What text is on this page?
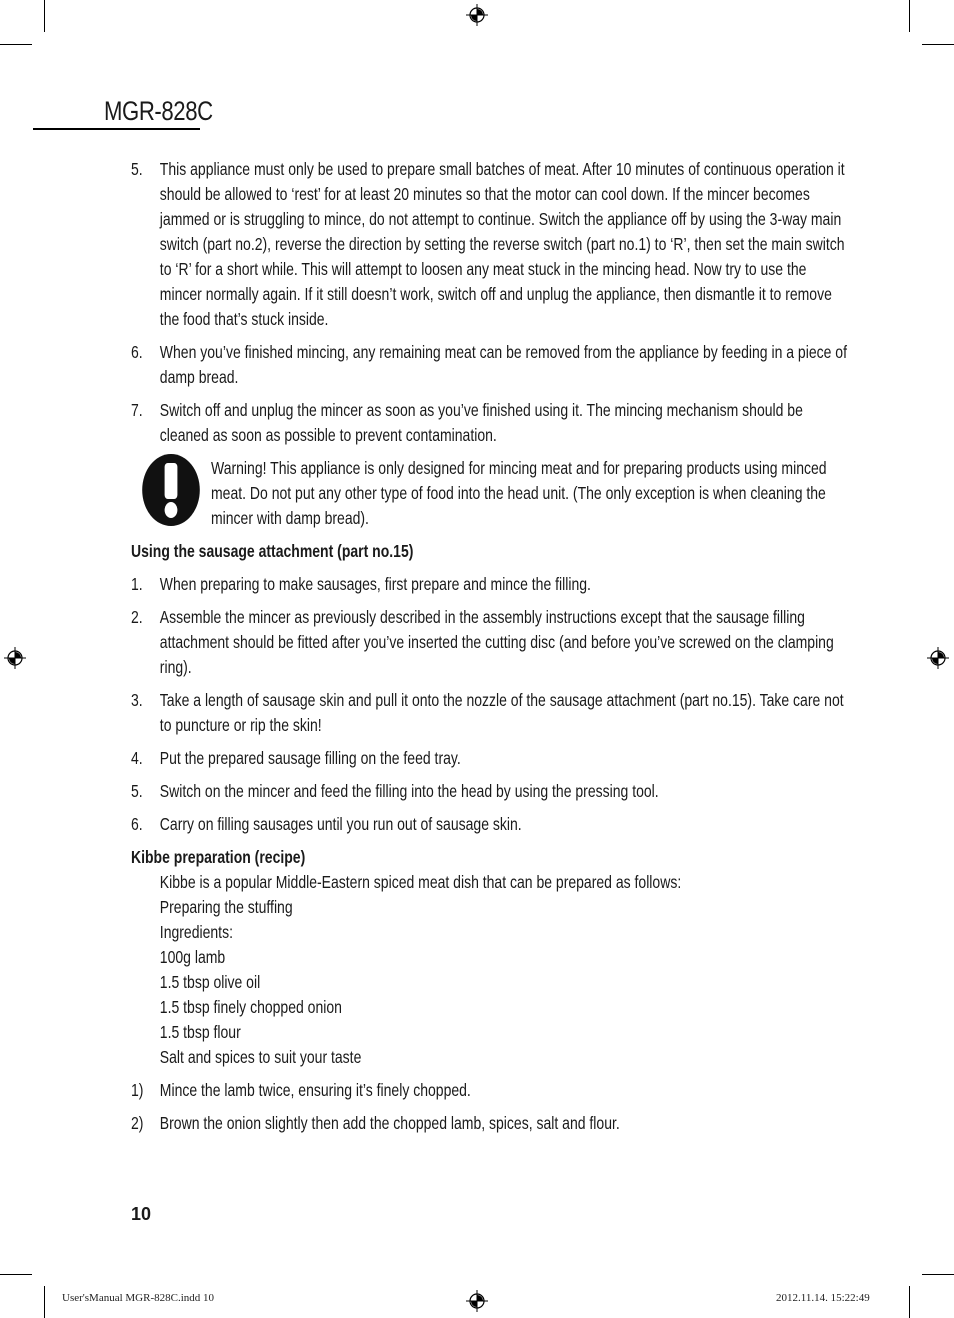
MGR-828C
5. This appliance must only be used to prepare small batches of meat. After 10 minutes of continuous operation it should be allowed to ‘rest’ for at least 20 minutes so that the motor can cool down. If the mincer becomes jammed or is struggling to mince, do not attempt to continue. Switch the appliance off by using the 3-way main switch (part no.2), reverse the direction by setting the reverse switch (part no.1) to ‘R’, then set the main switch to ‘R’ for a short while. This will attempt to loosen any meat stuck in the mincing head. Now try to use the mincer normally again. If it still doesn’t work, switch off and unplug the appliance, then dismantle it to remove the food that’s stuck inside.
6. When you’ve finished mincing, any remaining meat can be removed from the appliance by feeding in a piece of damp bread.
7. Switch off and unplug the mincer as soon as you’ve finished using it. The mincing mechanism should be cleaned as soon as possible to prevent contamination.
Warning! This appliance is only designed for mincing meat and for preparing products using minced meat. Do not put any other type of food into the head unit. (The only exception is when cleaning the mincer with damp bread).
Using the sausage attachment (part no.15)
1. When preparing to make sausages, first prepare and mince the filling.
2. Assemble the mincer as previously described in the assembly instructions except that the sausage filling attachment should be fitted after you’ve inserted the cutting disc (and before you’ve screwed on the clamping ring).
3. Take a length of sausage skin and pull it onto the nozzle of the sausage attachment (part no.15). Take care not to puncture or rip the skin!
4. Put the prepared sausage filling on the feed tray.
5. Switch on the mincer and feed the filling into the head by using the pressing tool.
6. Carry on filling sausages until you run out of sausage skin.
Kibbe preparation (recipe)
Kibbe is a popular Middle-Eastern spiced meat dish that can be prepared as follows:
Preparing the stuffing
Ingredients:
100g lamb
1.5 tbsp olive oil
1.5 tbsp finely chopped onion
1.5 tbsp flour
Salt and spices to suit your taste
1) Mince the lamb twice, ensuring it’s finely chopped.
2) Brown the onion slightly then add the chopped lamb, spices, salt and flour.
10
User'sManual MGR-828C.indd 10	2012.11.14. 15:22:49
